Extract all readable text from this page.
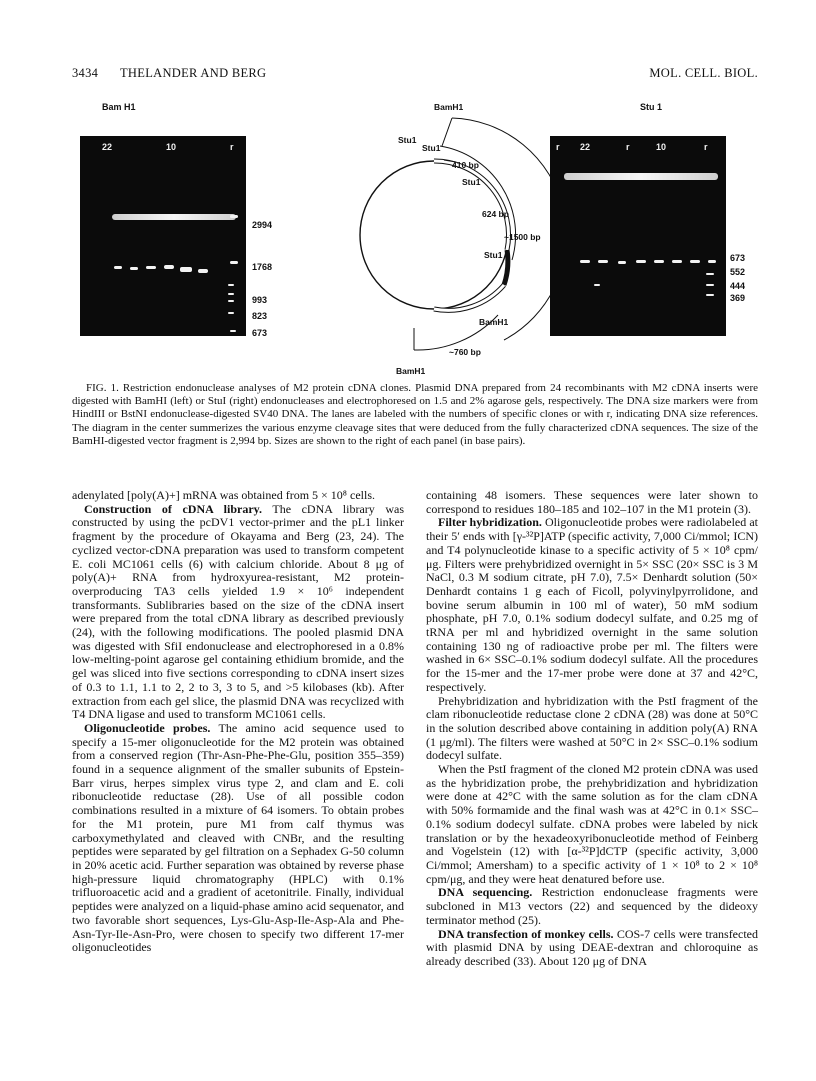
3434 THELANDER AND BERG	MOL. CELL. BIOL.
Bam H1
22	10	r
2994
1768
993
823
673
BamH1
Stu1
Stu1
410 bp
Stu1
624 bp
~1500 bp
Stu1
BamH1
~760 bp
BamH1
Stu 1
r 22	r	10	r
673
552
444
369

FIG. 1. Restriction endonuclease analyses of M2 protein cDNA clones. Plasmid DNA prepared from 24 recombinants with M2 cDNA inserts were digested with BamHI (left) or StuI (right) endonucleases and electrophoresed on 1.5 and 2% agarose gels, respectively. The DNA size markers were from HindIII or BstNI endonuclease-digested SV40 DNA. The lanes are labeled with the numbers of specific clones or with r, indicating DNA size references. The diagram in the center summerizes the various enzyme cleavage sites that were deduced from the fully characterized cDNA sequences. The size of the BamHI-digested vector fragment is 2,994 bp. Sizes are shown to the right of each panel (in base pairs).

adenylated [poly(A)+] mRNA was obtained from 5 × 10⁸ cells.

Construction of cDNA library. The cDNA library was constructed by using the pcDV1 vector-primer and the pL1 linker fragment by the procedure of Okayama and Berg (23, 24). The cyclized vector-cDNA preparation was used to transform competent E. coli MC1061 cells (6) with calcium chloride. About 8 μg of poly(A)+ RNA from hydroxyurea-resistant, M2 protein-overproducing TA3 cells yielded 1.9 × 10⁶ independent transformants. Sublibraries based on the size of the cDNA insert were prepared from the total cDNA library as described previously (24), with the following modifications. The pooled plasmid DNA was digested with SfiI endonuclease and electrophoresed in a 0.8% low-melting-point agarose gel containing ethidium bromide, and the gel was sliced into five sections corresponding to cDNA insert sizes of 0.3 to 1.1, 1.1 to 2, 2 to 3, 3 to 5, and >5 kilobases (kb). After extraction from each gel slice, the plasmid DNA was recyclized with T4 DNA ligase and used to transform MC1061 cells.

Oligonucleotide probes. The amino acid sequence used to specify a 15-mer oligonucleotide for the M2 protein was obtained from a conserved region (Thr-Asn-Phe-Phe-Glu, position 355–359) found in a sequence alignment of the smaller subunits of Epstein-Barr virus, herpes simplex virus type 2, and clam and E. coli ribonucleotide reductase (28). Use of all possible codon combinations resulted in a mixture of 64 isomers. To obtain probes for the M1 protein, pure M1 from calf thymus was carboxymethylated and cleaved with CNBr, and the resulting peptides were separated by gel filtration on a Sephadex G-50 column in 20% acetic acid. Further separation was obtained by reverse phase high-pressure liquid chromatography (HPLC) with 0.1% trifluoroacetic acid and a gradient of acetonitrile. Finally, individual peptides were analyzed on a liquid-phase amino acid sequenator, and two favorable short sequences, Lys-Glu-Asp-Ile-Asp-Ala and Phe-Asn-Tyr-Ile-Asn-Pro, were chosen to specify two different 17-mer oligonucleotides

containing 48 isomers. These sequences were later shown to correspond to residues 180–185 and 102–107 in the M1 protein (3).

Filter hybridization. Oligonucleotide probes were radiolabeled at their 5′ ends with [γ-³²P]ATP (specific activity, 7,000 Ci/mmol; ICN) and T4 polynucleotide kinase to a specific activity of 5 × 10⁸ cpm/μg. Filters were prehybridized overnight in 5× SSC (20× SSC is 3 M NaCl, 0.3 M sodium citrate, pH 7.0), 7.5× Denhardt solution (50× Denhardt contains 1 g each of Ficoll, polyvinylpyrrolidone, and bovine serum albumin in 100 ml of water), 50 mM sodium phosphate, pH 7.0, 0.1% sodium dodecyl sulfate, and 0.25 mg of tRNA per ml and hybridized overnight in the same solution containing 130 ng of radioactive probe per ml. The filters were washed in 6× SSC–0.1% sodium dodecyl sulfate. All the procedures for the 15-mer and the 17-mer probe were done at 37 and 42°C, respectively.

Prehybridization and hybridization with the PstI fragment of the clam ribonucleotide reductase clone 2 cDNA (28) was done at 50°C in the solution described above containing in addition poly(A) RNA (1 μg/ml). The filters were washed at 50°C in 2× SSC–0.1% sodium dodecyl sulfate.

When the PstI fragment of the cloned M2 protein cDNA was used as the hybridization probe, the prehybridization and hybridization were done at 42°C with the same solution as for the clam cDNA with 50% formamide and the final wash was at 42°C in 0.1× SSC–0.1% sodium dodecyl sulfate. cDNA probes were labeled by nick translation or by the hexadeoxyribonucleotide method of Feinberg and Vogelstein (12) with [α-³²P]dCTP (specific activity, 3,000 Ci/mmol; Amersham) to a specific activity of 1 × 10⁸ to 2 × 10⁸ cpm/μg, and they were heat denatured before use.

DNA sequencing. Restriction endonuclease fragments were subcloned in M13 vectors (22) and sequenced by the dideoxy terminator method (25).

DNA transfection of monkey cells. COS-7 cells were transfected with plasmid DNA by using DEAE-dextran and chloroquine as already described (33). About 120 μg of DNA
